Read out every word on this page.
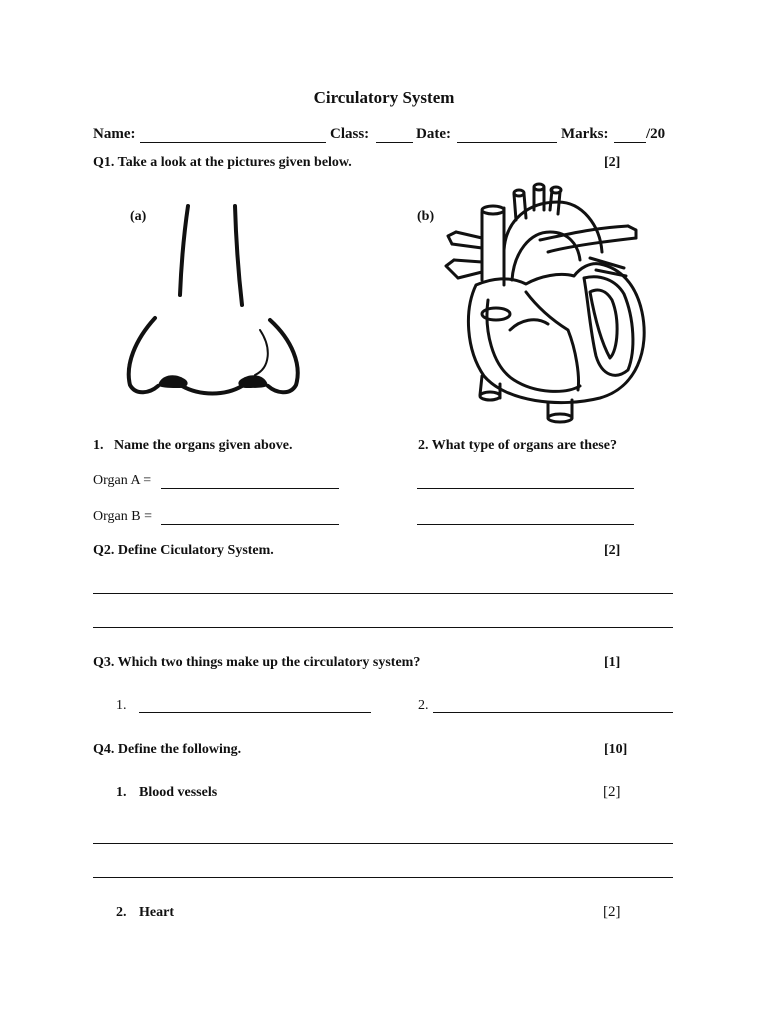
Circulatory System
Name:	Class:	Date:	Marks:	/20
Q1. Take a look at the pictures given below.	[2]
(a)	(b)
1.   Name the organs given above.	2. What type of organs are these?
Organ A =
Organ B =
Q2. Define Ciculatory System.	[2]
Q3. Which two things make up the circulatory system?	[1]
1.	2.
Q4. Define the following.	[10]
1. Blood vessels	[2]
2. Heart	[2]
